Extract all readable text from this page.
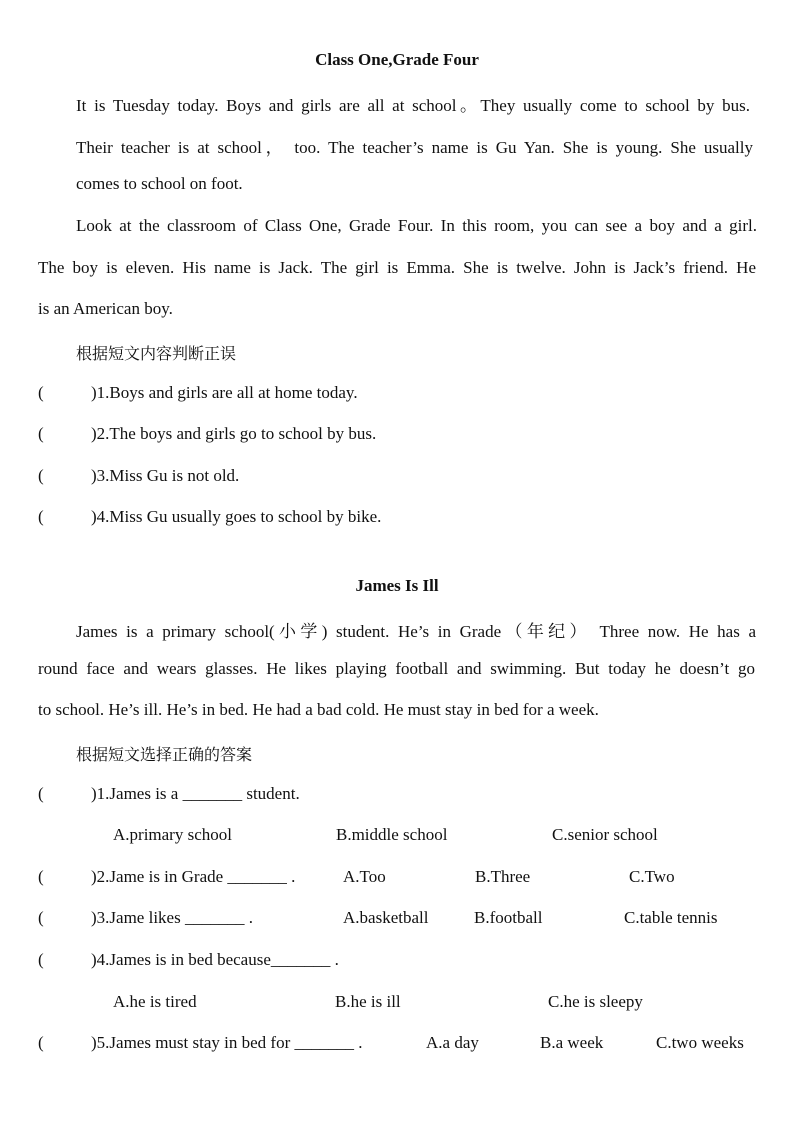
Class One,Grade Four
It is Tuesday today. Boys and girls are all at school。They usually come to school by bus.
Their teacher is at school， too. The teacher’s name is Gu Yan. She is young. She usually
comes to school on foot.
Look at the classroom of Class One, Grade Four. In this room, you can see a boy and a girl.
The boy is eleven. His name is Jack. The girl is Emma. She is twelve. John is Jack’s friend. He
is an American boy.
根据短文内容判断正误
(	)1.Boys and girls are all at home today.
(	)2.The boys and girls go to school by bus.
(	)3.Miss Gu is not old.
(	)4.Miss Gu usually goes to school by bike.
James Is Ill
James is a primary school(小学) student. He’s in Grade（年纪） Three now. He has a
round face and wears glasses. He likes playing football and swimming. But today he doesn’t go
to school. He’s ill. He’s in bed. He had a bad cold. He must stay in bed for a week.
根据短文选择正确的答案
(	)1.James is a _______ student.
A.primary school	B.middle school	C.senior school
(	)2.Jame is in Grade _______ .	A.Too	B.Three	C.Two
(	)3.Jame likes _______ .	A.basketball	B.football	C.table tennis
(	)4.James is in bed because_______ .
A.he is tired	B.he is ill	C.he is sleepy
(	)5.James must stay in bed for _______ .	A.a day	B.a week	C.two weeks
